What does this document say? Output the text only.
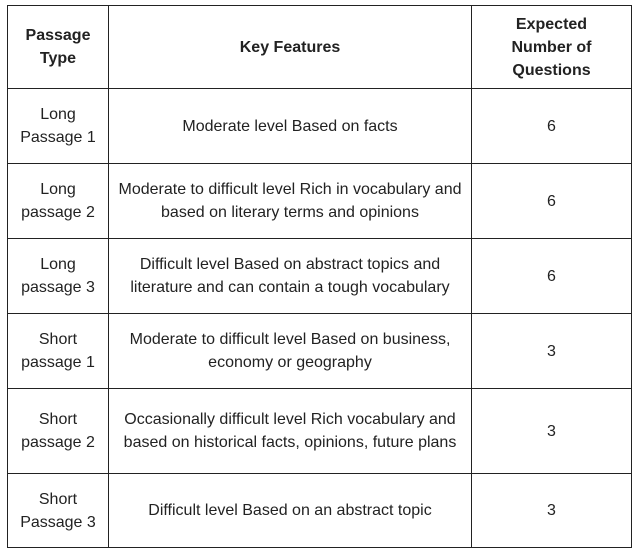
Passage Type	Key Features	Expected Number of Questions
Long Passage 1	Moderate level Based on facts	6
Long passage 2	Moderate to difficult level Rich in vocabulary and based on literary terms and opinions	6
Long passage 3	Difficult level Based on abstract topics and literature and can contain a tough vocabulary	6
Short passage 1	Moderate to difficult level Based on business, economy or geography	3
Short passage 2	Occasionally difficult level Rich vocabulary and based on historical facts, opinions, future plans	3
Short Passage 3	Difficult level Based on an abstract topic	3
